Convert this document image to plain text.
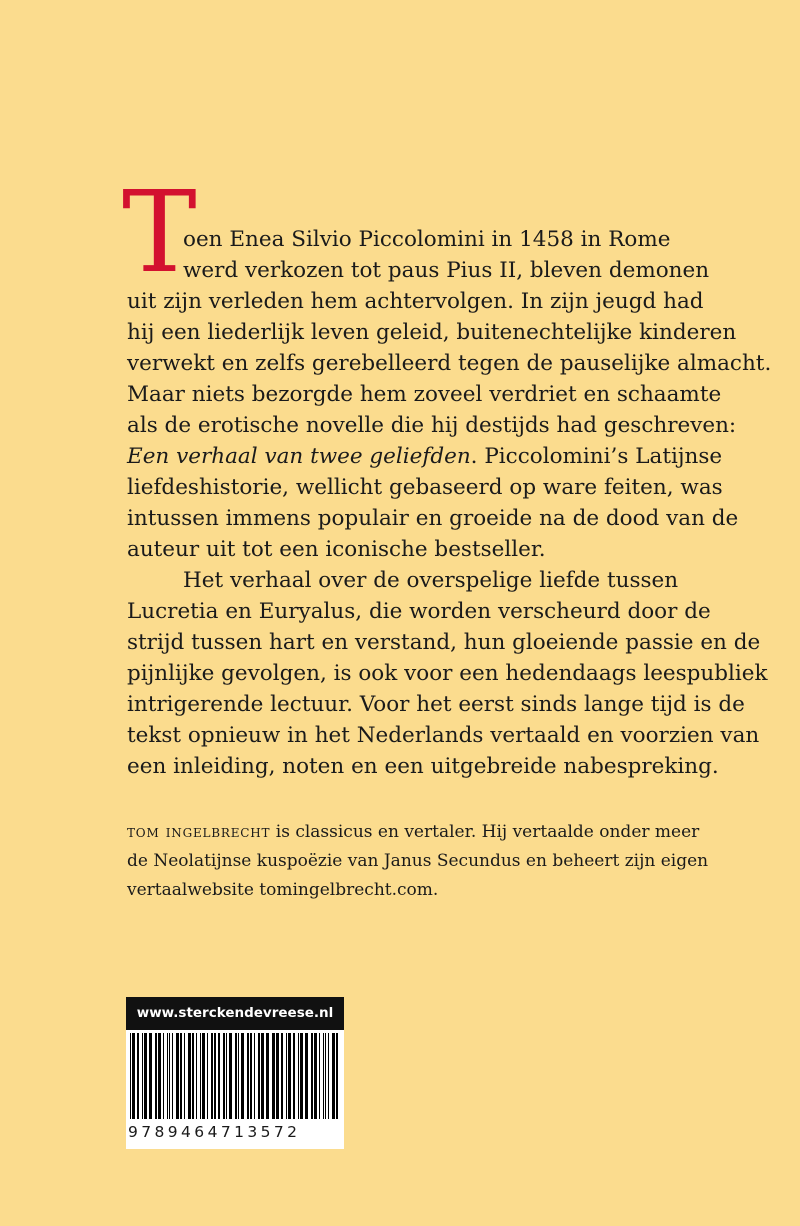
T
oen Enea Silvio Piccolomini in 1458 in Rome
werd verkozen tot paus Pius II, bleven demonen
uit zijn verleden hem achtervolgen. In zijn jeugd had
hij een liederlijk leven geleid, buitenechtelijke kinderen
verwekt en zelfs gerebelleerd tegen de pauselijke almacht.
Maar niets bezorgde hem zoveel verdriet en schaamte
als de erotische novelle die hij destijds had geschreven:
Een verhaal van twee geliefden. Piccolomini’s Latijnse
liefdeshistorie, wellicht gebaseerd op ware feiten, was
intussen immens populair en groeide na de dood van de
auteur uit tot een iconische bestseller.
Het verhaal over de overspelige liefde tussen
Lucretia en Euryalus, die worden verscheurd door de
strijd tussen hart en verstand, hun gloeiende passie en de
pijnlijke gevolgen, is ook voor een hedendaags leespubliek
intrigerende lectuur. Voor het eerst sinds lange tijd is de
tekst opnieuw in het Nederlands vertaald en voorzien van
een inleiding, noten en een uitgebreide nabespreking.
tom ingelbrecht is classicus en vertaler. Hij vertaalde onder meer
de Neolatijnse kuspoëzie van Janus Secundus en beheert zijn eigen
vertaalwebsite tomingelbrecht.com.
www.sterckendevreese.nl
9789464713572
